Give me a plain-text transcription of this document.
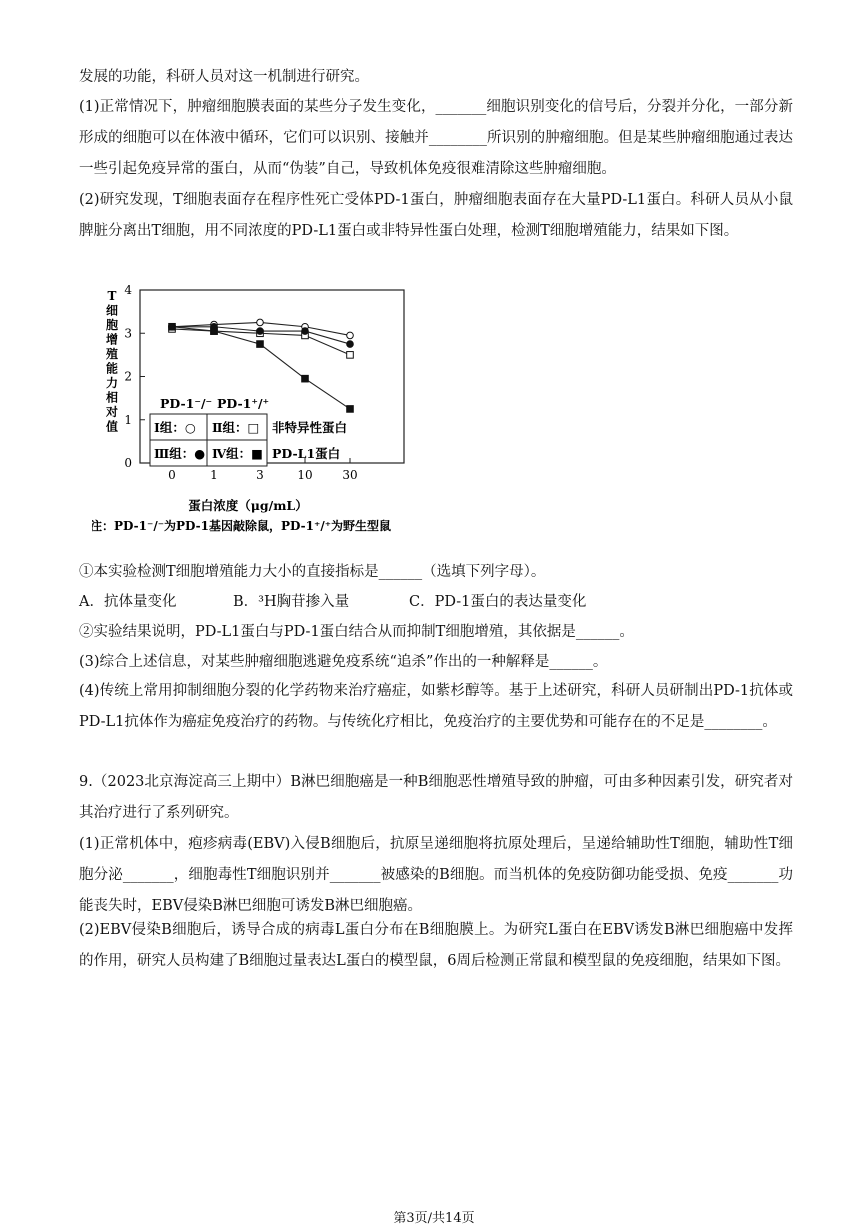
发展的功能，科研人员对这一机制进行研究。

(1)正常情况下，肿瘤细胞膜表面的某些分子发生变化，_______细胞识别变化的信号后，分裂并分化，一部分新形成的细胞可以在体液中循环，它们可以识别、接触并________所识别的肿瘤细胞。但是某些肿瘤细胞通过表达一些引起免疫异常的蛋白，从而“伪装”自己，导致机体免疫很难清除这些肿瘤细胞。

(2)研究发现，T细胞表面存在程序性死亡受体PD-1蛋白，肿瘤细胞表面存在大量PD-L1蛋白。科研人员从小鼠脾脏分离出T细胞，用不同浓度的PD-L1蛋白或非特异性蛋白处理，检测T细胞增殖能力，结果如下图。

T
细
胞
增
殖
能
力
相
对
值
0
1
2
3
4
0	1	3	10 30
PD-1⁻/⁻ PD-1⁺/⁺
Ⅰ组：○ Ⅱ组：□
Ⅲ组：● Ⅳ组：■
非特异性蛋白
PD-L1蛋白
蛋白浓度（μg/mL）
注：PD-1⁻/⁻为PD-1基因敲除鼠，PD-1⁺/⁺为野生型鼠

①本实验检测T细胞增殖能力大小的直接指标是______（选填下列字母）。

A．抗体量变化	B．³H胸苷掺入量	C．PD-1蛋白的表达量变化

②实验结果说明，PD-L1蛋白与PD-1蛋白结合从而抑制T细胞增殖，其依据是______。

(3)综合上述信息，对某些肿瘤细胞逃避免疫系统“追杀”作出的一种解释是______。

(4)传统上常用抑制细胞分裂的化学药物来治疗癌症，如紫杉醇等。基于上述研究，科研人员研制出PD-1抗体或PD-L1抗体作为癌症免疫治疗的药物。与传统化疗相比，免疫治疗的主要优势和可能存在的不足是________。

9.（2023北京海淀高三上期中）B淋巴细胞癌是一种B细胞恶性增殖导致的肿瘤，可由多种因素引发，研究者对其治疗进行了系列研究。

(1)正常机体中，疱疹病毒(EBV)入侵B细胞后，抗原呈递细胞将抗原处理后，呈递给辅助性T细胞，辅助性T细胞分泌_______，细胞毒性T细胞识别并_______被感染的B细胞。而当机体的免疫防御功能受损、免疫_______功能丧失时，EBV侵染B淋巴细胞可诱发B淋巴细胞癌。

(2)EBV侵染B细胞后，诱导合成的病毒L蛋白分布在B细胞膜上。为研究L蛋白在EBV诱发B淋巴细胞癌中发挥的作用，研究人员构建了B细胞过量表达L蛋白的模型鼠，6周后检测正常鼠和模型鼠的免疫细胞，结果如下图。

第3页/共14页
